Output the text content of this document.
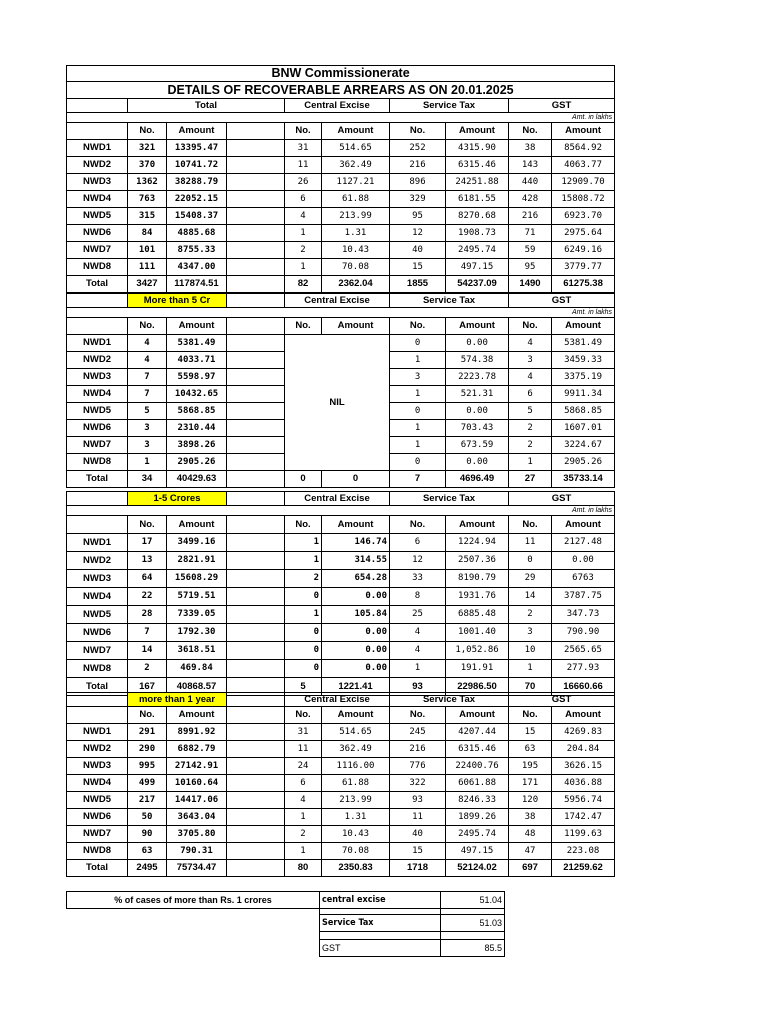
BNW Commissionerate									
DETAILS OF RECOVERABLE ARREARS AS ON 20.01.2025									
	Total			Central Excise		Service Tax		GST	
Amt. in lakhs									
	No.	Amount		No.	Amount	No.	Amount	No.	Amount
NWD1	321	13395.47		31	514.65	252	4315.90	38	8564.92
NWD2	370	10741.72		11	362.49	216	6315.46	143	4063.77
NWD3	1362	38288.79		26	1127.21	896	24251.88	440	12909.70
NWD4	763	22052.15		6	61.88	329	6181.55	428	15808.72
NWD5	315	15408.37		4	213.99	95	8270.68	216	6923.70
NWD6	84	4885.68		1	1.31	12	1908.73	71	2975.64
NWD7	101	8755.33		2	10.43	40	2495.74	59	6249.16
NWD8	111	4347.00		1	70.08	15	497.15	95	3779.77
Total	3427	117874.51		82	2362.04	1855	54237.09	1490	61275.38
	More than 5 Cr			Central Excise		Service Tax		GST	
Amt. in lakhs									
	No.	Amount		No.	Amount	No.	Amount	No.	Amount
NWD1	4	5381.49		NIL		0	0.00	4	5381.49
NWD2	4	4033.71				1	574.38	3	3459.33
NWD3	7	5598.97				3	2223.78	4	3375.19
NWD4	7	10432.65				1	521.31	6	9911.34
NWD5	5	5868.85				0	0.00	5	5868.85
NWD6	3	2310.44				1	703.43	2	1607.01
NWD7	3	3898.26				1	673.59	2	3224.67
NWD8	1	2905.26				0	0.00	1	2905.26
Total	34	40429.63		0	0	7	4696.49	27	35733.14
	1-5 Crores			Central Excise		Service Tax		GST	
Amt. in lakhs									
	No.	Amount		No.	Amount	No.	Amount	No.	Amount
NWD1	17	3499.16		1	146.74	6	1224.94	11	2127.48
NWD2	13	2821.91		1	314.55	12	2507.36	0	0.00
NWD3	64	15608.29		2	654.28	33	8190.79	29	6763
NWD4	22	5719.51		0	0.00	8	1931.76	14	3787.75
NWD5	28	7339.05		1	105.84	25	6885.48	2	347.73
NWD6	7	1792.30		0	0.00	4	1001.40	3	790.90
NWD7	14	3618.51		0	0.00	4	1,052.86	10	2565.65
NWD8	2	469.84		0	0.00	1	191.91	1	277.93
Total	167	40868.57		5	1221.41	93	22986.50	70	16660.66
	more than 1 year			Central Excise		Service Tax		GST	
	No.	Amount		No.	Amount	No.	Amount	No.	Amount
NWD1	291	8991.92		31	514.65	245	4207.44	15	4269.83
NWD2	290	6882.79		11	362.49	216	6315.46	63	204.84
NWD3	995	27142.91		24	1116.00	776	22400.76	195	3626.15
NWD4	499	10160.64		6	61.88	322	6061.88	171	4036.88
NWD5	217	14417.06		4	213.99	93	8246.33	120	5956.74
NWD6	50	3643.04		1	1.31	11	1899.26	38	1742.47
NWD7	90	3705.80		2	10.43	40	2495.74	48	1199.63
NWD8	63	790.31		1	70.08	15	497.15	47	223.08
Total	2495	75734.47		80	2350.83	1718	52124.02	697	21259.62
% of cases of more than Rs. 1 crores	central excise	51.04

	Service Tax	51.03

	GST	85.5
